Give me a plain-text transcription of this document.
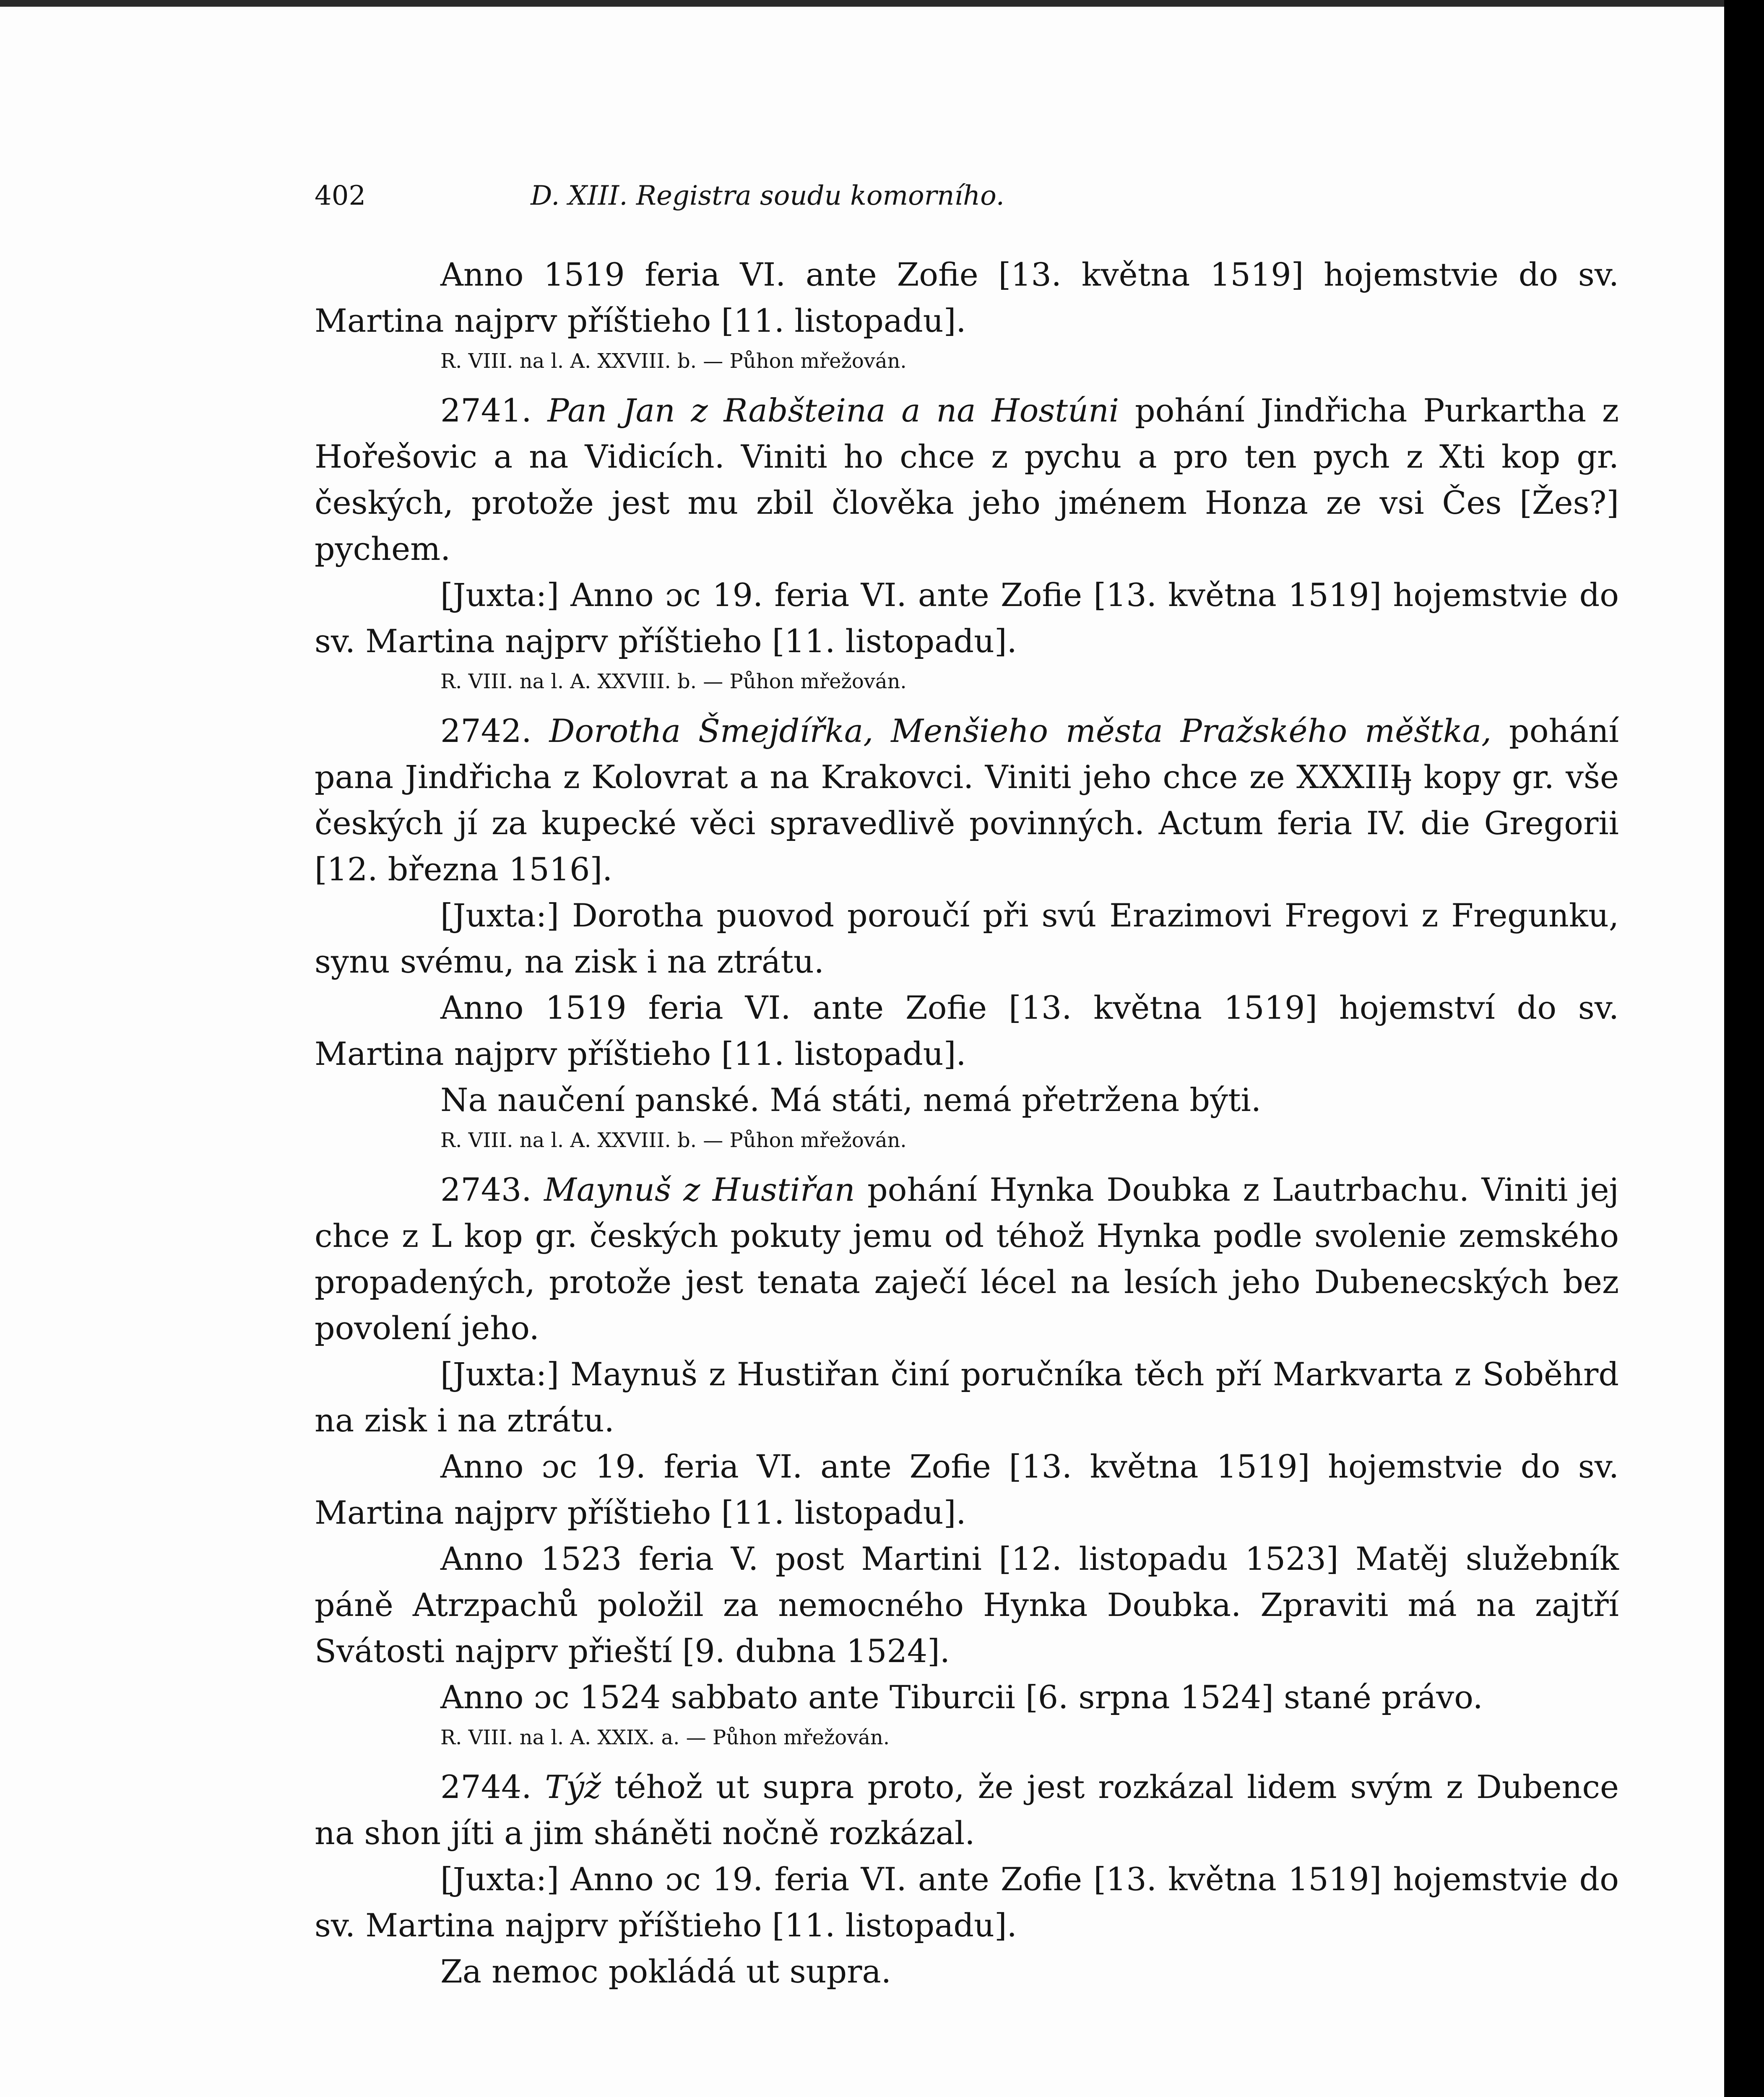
402	D. XIII. Registra soudu komorního.

Anno 1519 feria VI. ante Zofie [13. května 1519] hojemstvie do sv. Martina najprv příštieho [11. listopadu].

R. VIII. na l. A. XXVIII. b. — Půhon mřežován.

2741. Pan Jan z Rabšteina a na Hostúni pohání Jindřicha Purkartha z Hořešovic a na Vidicích. Viniti ho chce z pychu a pro ten pych z Xti kop gr. českých, protože jest mu zbil člověka jeho jménem Honza ze vsi Čes [Žes?] pychem.

[Juxta:] Anno ɔc 19. feria VI. ante Zofie [13. května 1519] hojemstvie do sv. Martina najprv příštieho [11. listopadu].

R. VIII. na l. A. XXVIII. b. — Půhon mřežován.

2742. Dorotha Šmejdířka, Menšieho města Pražského měštka, pohání pana Jindřicha z Kolovrat a na Krakovci. Viniti jeho chce ze XXXIIIȷ̶ kopy gr. vše českých jí za kupecké věci spravedlivě povinných. Actum feria IV. die Gregorii [12. března 1516].

[Juxta:] Dorotha puovod poroučí při svú Erazimovi Fregovi z Fregunku, synu svému, na zisk i na ztrátu.

Anno 1519 feria VI. ante Zofie [13. května 1519] hojemství do sv. Martina najprv příštieho [11. listopadu].

Na naučení panské. Má státi, nemá přetržena býti.

R. VIII. na l. A. XXVIII. b. — Půhon mřežován.

2743. Maynuš z Hustiřan pohání Hynka Doubka z Lautrbachu. Viniti jej chce z L kop gr. českých pokuty jemu od téhož Hynka podle svolenie zemského propadených, protože jest tenata zaječí lécel na lesích jeho Dubenecských bez povolení jeho.

[Juxta:] Maynuš z Hustiřan činí poručníka těch pří Markvarta z Soběhrd na zisk i na ztrátu.

Anno ɔc 19. feria VI. ante Zofie [13. května 1519] hojemstvie do sv. Martina najprv příštieho [11. listopadu].

Anno 1523 feria V. post Martini [12. listopadu 1523] Matěj služebník páně Atrzpachů položil za nemocného Hynka Doubka. Zpraviti má na zajtří Svátosti najprv přieští [9. dubna 1524].

Anno ɔc 1524 sabbato ante Tiburcii [6. srpna 1524] stané právo.

R. VIII. na l. A. XXIX. a. — Půhon mřežován.

2744. Týž téhož ut supra proto, že jest rozkázal lidem svým z Dubence na shon jíti a jim sháněti nočně rozkázal.

[Juxta:] Anno ɔc 19. feria VI. ante Zofie [13. května 1519] hojemstvie do sv. Martina najprv příštieho [11. listopadu].

Za nemoc pokládá ut supra.
